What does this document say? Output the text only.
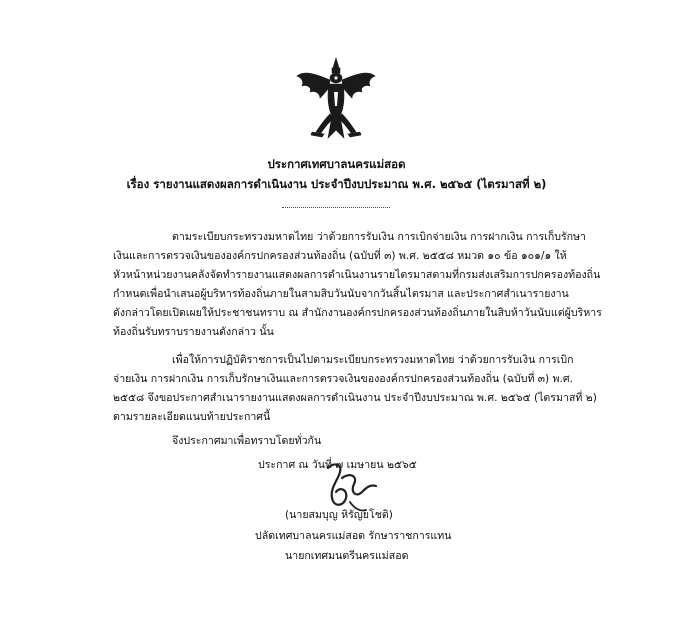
ประกาศเทศบาลนครแม่สอด
เรื่อง รายงานแสดงผลการดำเนินงาน ประจำปีงบประมาณ พ.ศ. ๒๕๖๕ (ไตรมาสที่ ๒)
ตามระเบียบกระทรวงมหาดไทย ว่าด้วยการรับเงิน การเบิกจ่ายเงิน การฝากเงิน การเก็บรักษา
เงินและการตรวจเงินขององค์กรปกครองส่วนท้องถิ่น (ฉบับที่ ๓) พ.ศ. ๒๕๕๘ หมวด ๑๐ ข้อ ๑๐๑/๑ ให้
หัวหน้าหน่วยงานคลังจัดทำรายงานแสดงผลการดำเนินงานรายไตรมาสตามที่กรมส่งเสริมการปกครองท้องถิ่น
กำหนดเพื่อนำเสนอผู้บริหารท้องถิ่นภายในสามสิบวันนับจากวันสิ้นไตรมาส และประกาศสำเนารายงาน
ดังกล่าวโดยเปิดเผยให้ประชาชนทราบ ณ สำนักงานองค์กรปกครองส่วนท้องถิ่นภายในสิบห้าวันนับแต่ผู้บริหาร
ท้องถิ่นรับทราบรายงานดังกล่าว นั้น
เพื่อให้การปฏิบัติราชการเป็นไปตามระเบียบกระทรวงมหาดไทย ว่าด้วยการรับเงิน การเบิก
จ่ายเงิน การฝากเงิน การเก็บรักษาเงินและการตรวจเงินขององค์กรปกครองส่วนท้องถิ่น (ฉบับที่ ๓) พ.ศ.
๒๕๕๘ จึงขอประกาศสำเนารายงานแสดงผลการดำเนินงาน ประจำปีงบประมาณ พ.ศ. ๒๕๖๕ (ไตรมาสที่ ๒)
ตามรายละเอียดแนบท้ายประกาศนี้
จึงประกาศมาเพื่อทราบโดยทั่วกัน
ประกาศ ณ วันที่ ๗ เมษายน ๒๕๖๕
(นายสมบุญ หิรัญยโชติ)
ปลัดเทศบาลนครแม่สอด รักษาราชการแทน
นายกเทศมนตรีนครแม่สอด
